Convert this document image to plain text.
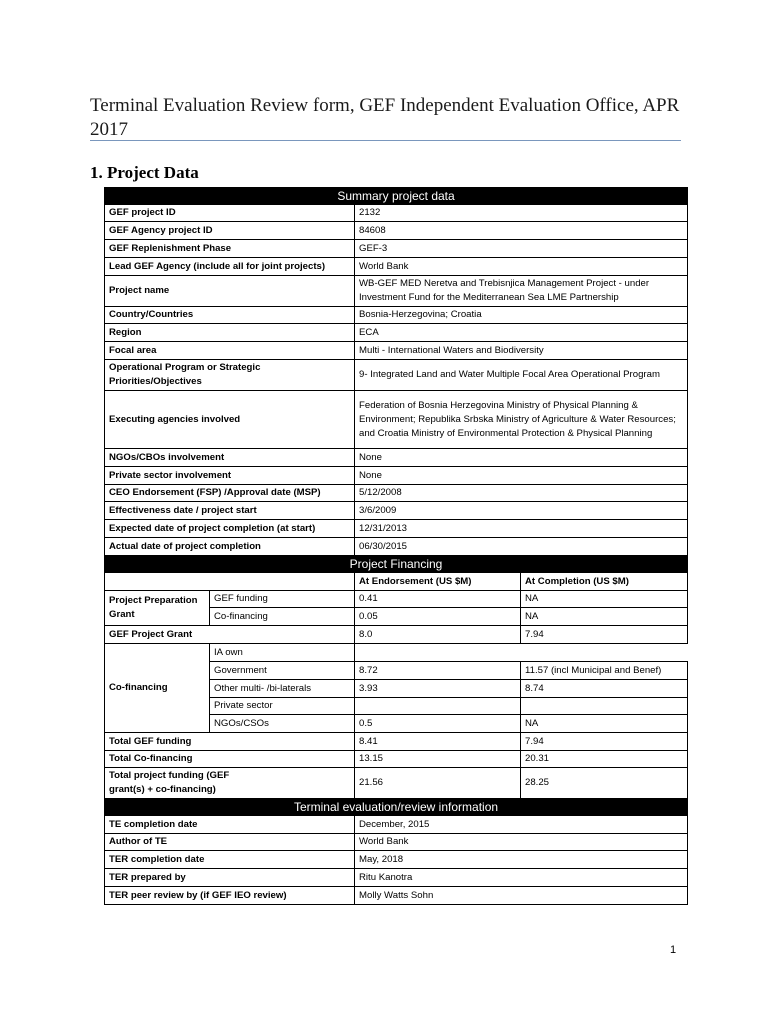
Terminal Evaluation Review form, GEF Independent Evaluation Office, APR 2017
1. Project Data
Summary project data			
GEF project ID		2132	
GEF Agency project ID		84608	
GEF Replenishment Phase		GEF-3	
Lead GEF Agency (include all for joint projects)		World Bank	
Project name		WB-GEF MED Neretva and Trebisnjica Management Project - under Investment Fund for the Mediterranean Sea LME Partnership	
Country/Countries		Bosnia-Herzegovina; Croatia	
Region		ECA	
Focal area		Multi - International Waters and Biodiversity	
Operational Program or Strategic Priorities/Objectives		9- Integrated Land and Water Multiple Focal Area Operational Program	
Executing agencies involved		Federation of Bosnia Herzegovina Ministry of Physical Planning & Environment; Republika Srbska Ministry of Agriculture & Water Resources; and Croatia Ministry of Environmental Protection & Physical Planning	
NGOs/CBOs involvement		None	
Private sector involvement		None	
CEO Endorsement (FSP) /Approval date (MSP)		5/12/2008	
Effectiveness date / project start		3/6/2009	
Expected date of project completion (at start)		12/31/2013	
Actual date of project completion		06/30/2015	
Project Financing			
		At Endorsement (US $M)	At Completion (US $M)
Project Preparation Grant	GEF funding	0.41	NA
	Co-financing	0.05	NA
GEF Project Grant		8.0	7.94
Co-financing	IA own		
	Government	8.72	11.57 (incl Municipal and Benef)
	Other multi- /bi-laterals	3.93	8.74
	Private sector		
	NGOs/CSOs	0.5	NA
Total GEF funding		8.41	7.94
Total Co-financing		13.15	20.31
Total project funding (GEF grant(s) + co-financing)		21.56	28.25
Terminal evaluation/review information			
TE completion date		December, 2015	
Author of TE		World Bank	
TER completion date		May, 2018	
TER prepared by		Ritu Kanotra	
TER peer review by (if GEF IEO review)		Molly Watts Sohn	
1
